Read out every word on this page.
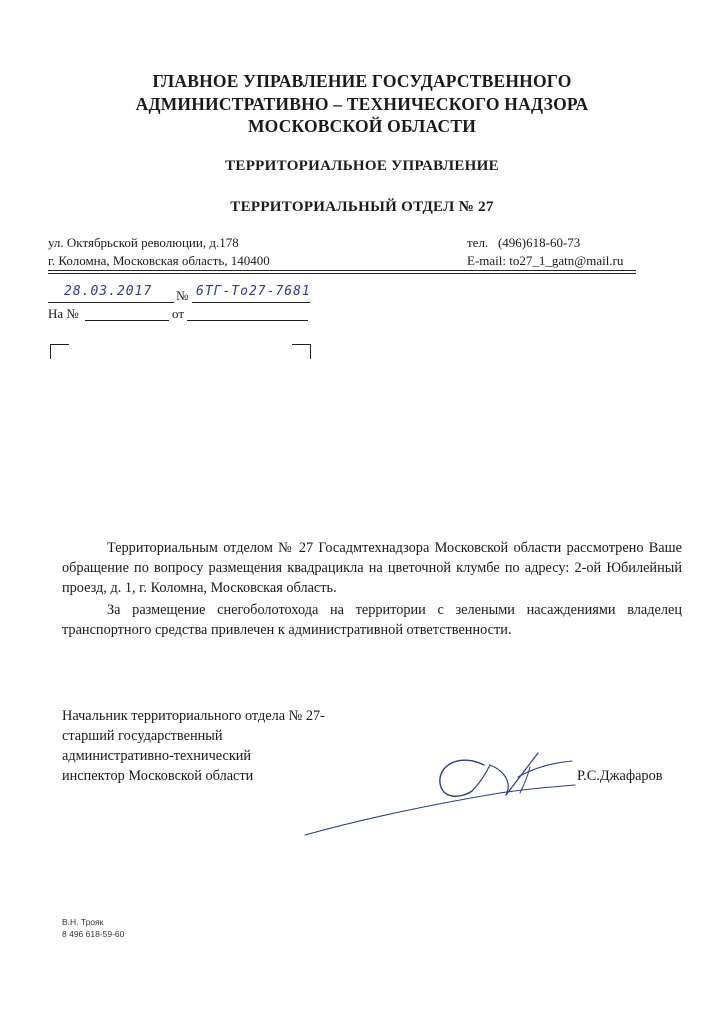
ГЛАВНОЕ УПРАВЛЕНИЕ ГОСУДАРСТВЕННОГО
АДМИНИСТРАТИВНО – ТЕХНИЧЕСКОГО НАДЗОРА
МОСКОВСКОЙ ОБЛАСТИ
ТЕРРИТОРИАЛЬНОЕ УПРАВЛЕНИЕ
ТЕРРИТОРИАЛЬНЫЙ ОТДЕЛ № 27
ул. Октябрьской революции, д.178
г. Коломна, Московская область, 140400
тел. (496)618-60-73
E-mail: to27_1_gatn@mail.ru
28.03.2017 № 6ТГ-То27-7681
На №	от
Территориальным отделом № 27 Госадмтехнадзора Московской области рассмотрено Ваше обращение по вопросу размещения квадрацикла на цветочной клумбе по адресу: 2-ой Юбилейный проезд, д. 1, г. Коломна, Московская область.
За размещение снегоболотохода на территории с зелеными насаждениями владелец транспортного средства привлечен к административной ответственности.
Начальник территориального отдела № 27-
старший государственный
административно-технический
инспектор Московской области	Р.С.Джафаров
В.Н. Трояк
8 496 618-59-60
